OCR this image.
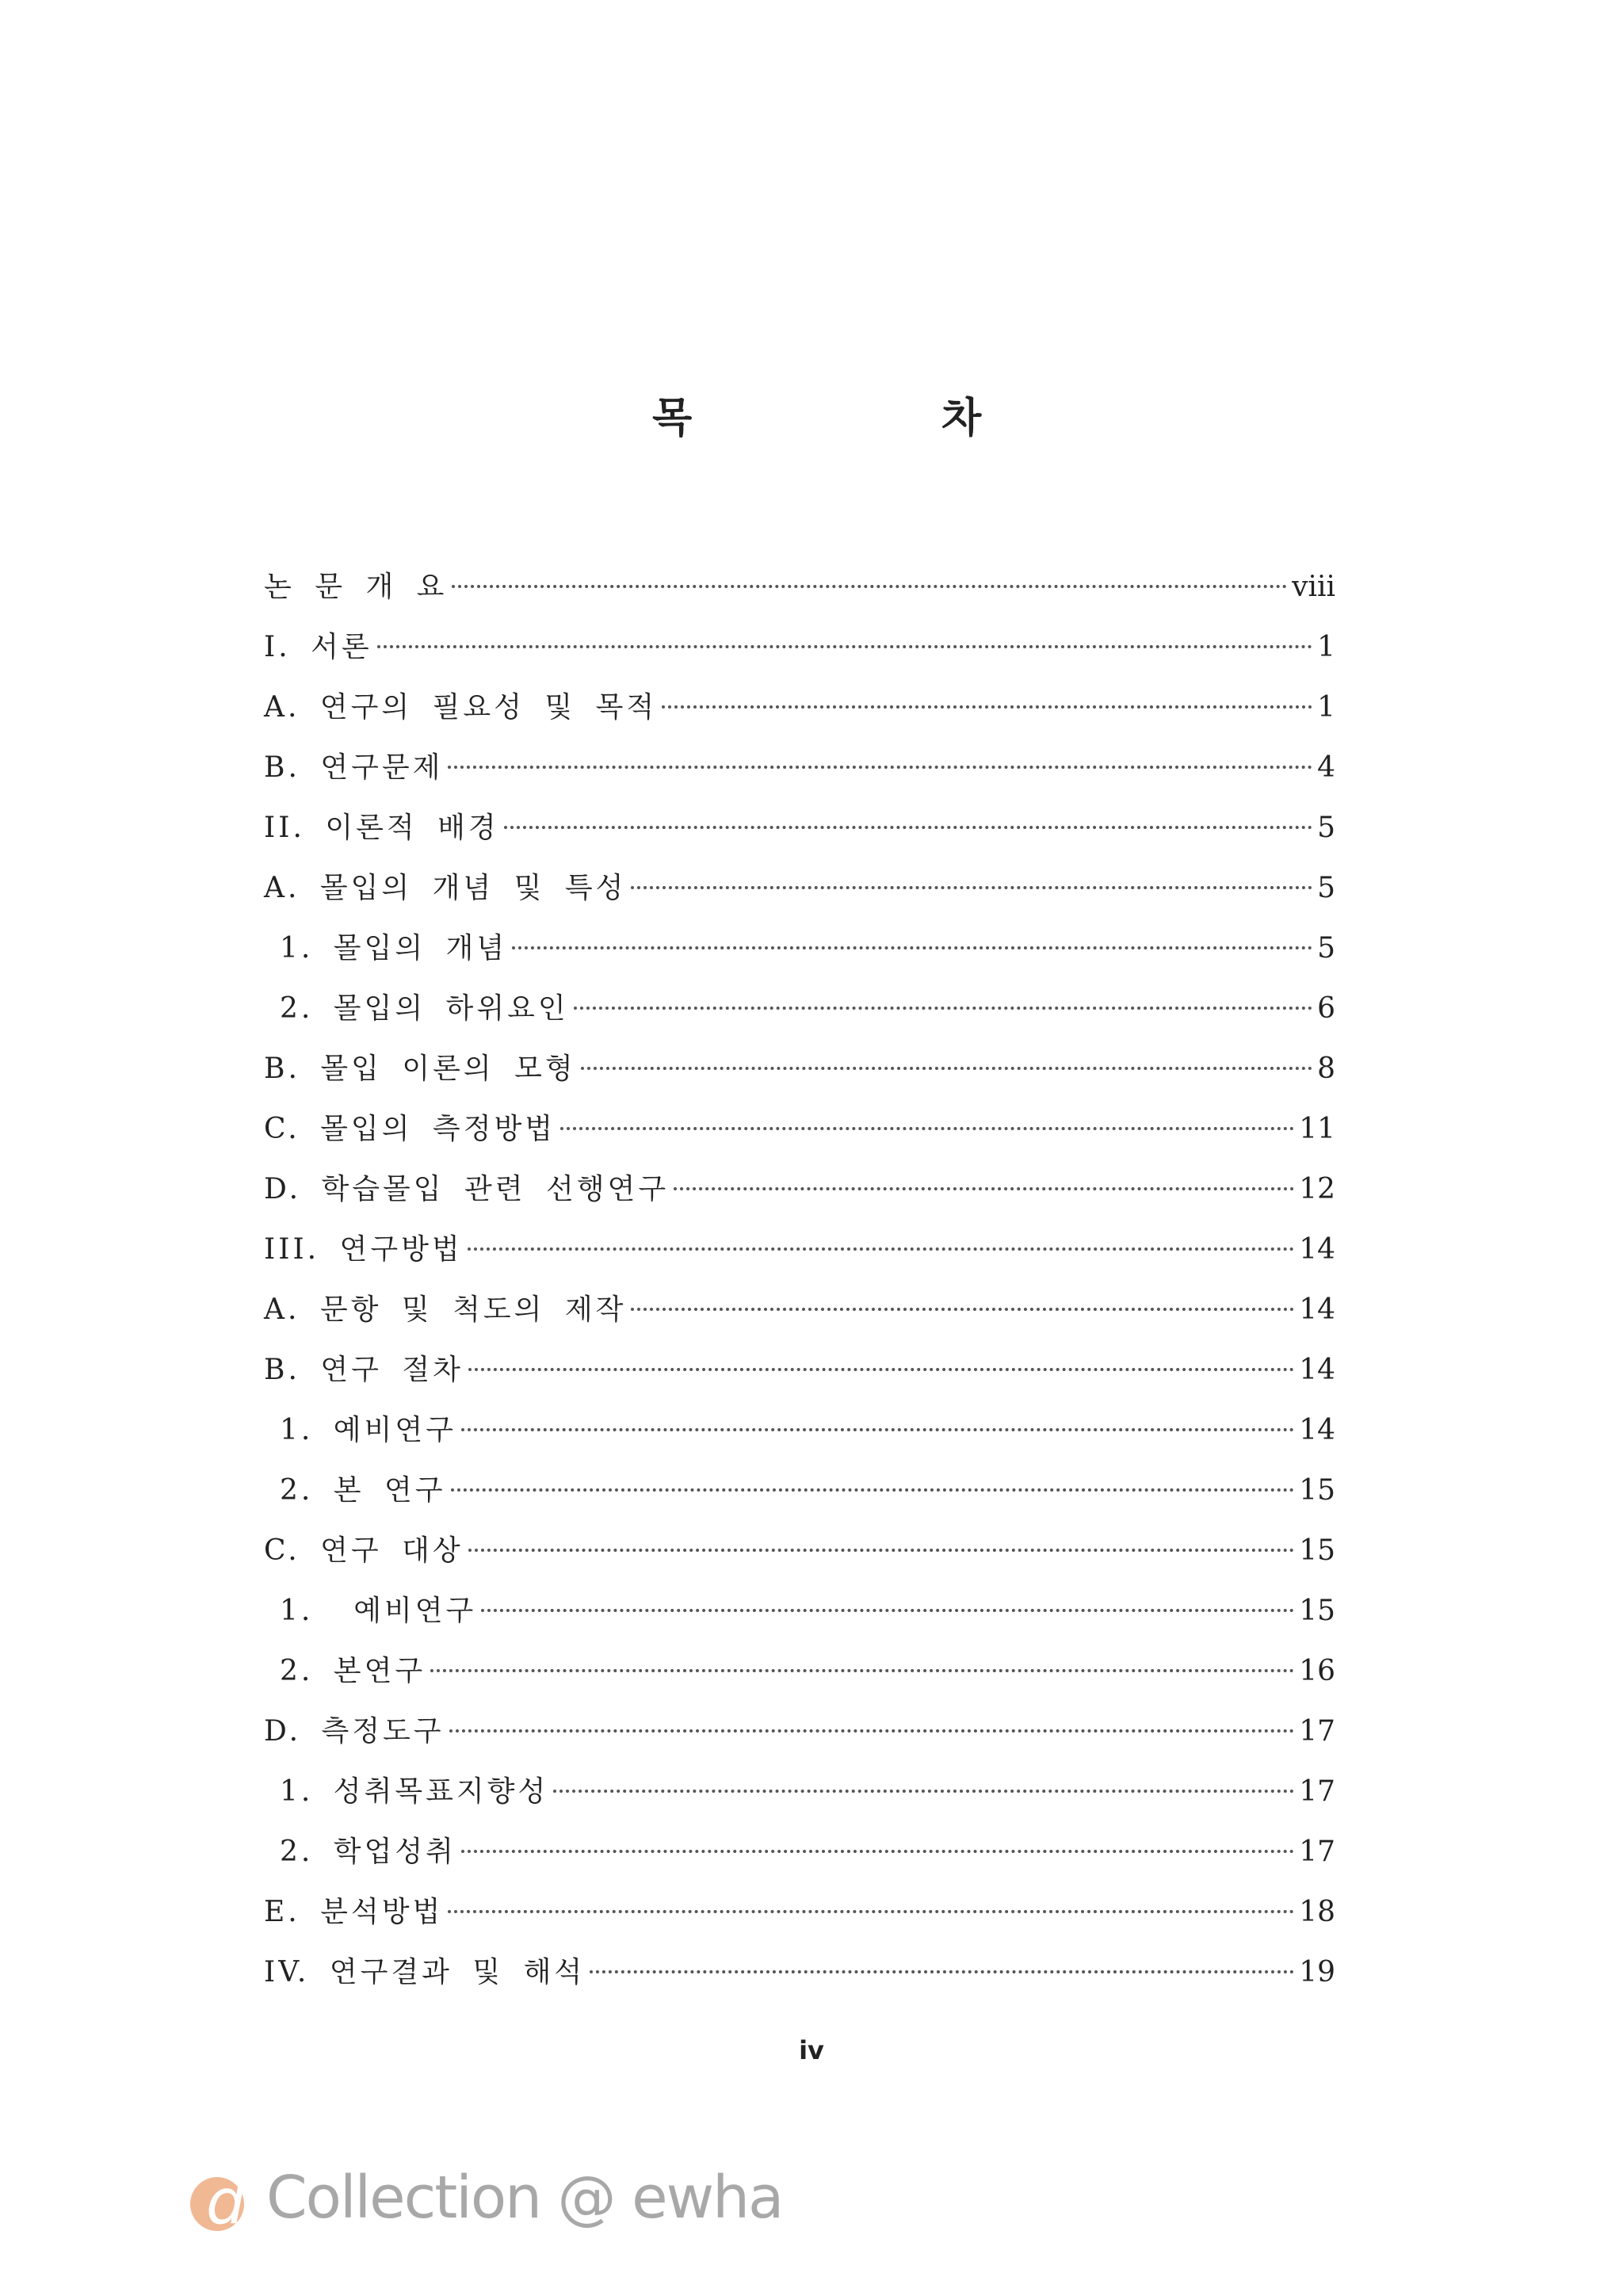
목	차
논 문 개 요	viii
I. 서론	1
A. 연구의 필요성 및 목적	1
B. 연구문제	4
II. 이론적 배경	5
A. 몰입의 개념 및 특성	5
1. 몰입의 개념	5
2. 몰입의 하위요인	6
B. 몰입 이론의 모형	8
C. 몰입의 측정방법	11
D. 학습몰입 관련 선행연구	12
III. 연구방법	14
A. 문항 및 척도의 제작	14
B. 연구 절차	14
1. 예비연구	14
2. 본 연구	15
C. 연구 대상	15
1.  예비연구	15
2. 본연구	16
D. 측정도구	17
1. 성취목표지향성	17
2. 학업성취	17
E. 분석방법	18
IV. 연구결과 및 해석	19
iv
d Collection @ ewha
